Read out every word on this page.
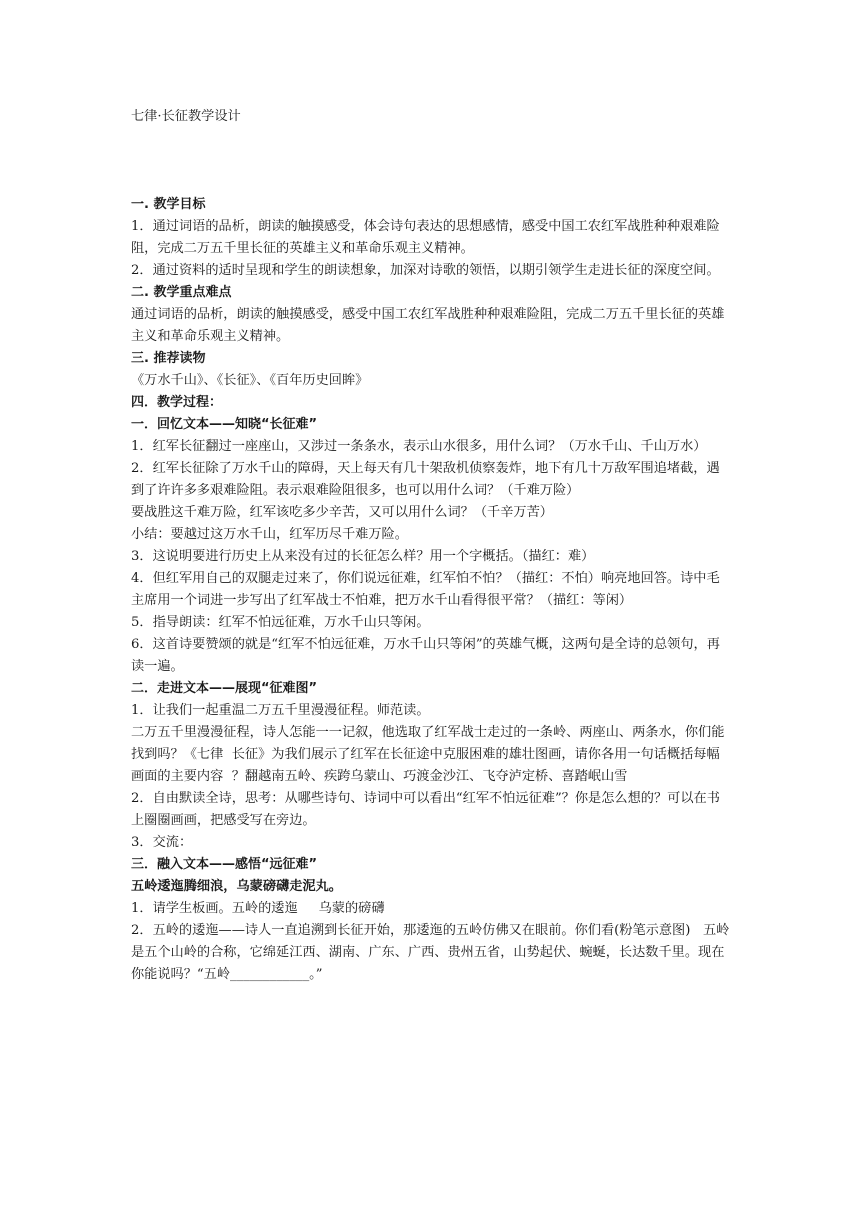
七律·长征教学设计

一. 教学目标

1．通过词语的品析，朗读的触摸感受，体会诗句表达的思想感情，感受中国工农红军战胜种种艰难险阻，完成二万五千里长征的英雄主义和革命乐观主义精神。

2．通过资料的适时呈现和学生的朗读想象，加深对诗歌的领悟，以期引领学生走进长征的深度空间。

二. 教学重点难点

通过词语的品析，朗读的触摸感受，感受中国工农红军战胜种种艰难险阻，完成二万五千里长征的英雄主义和革命乐观主义精神。

三. 推荐读物

《万水千山》、《长征》、《百年历史回眸》

四．教学过程：

一．回忆文本——知晓“长征难”

1．红军长征翻过一座座山，又涉过一条条水，表示山水很多，用什么词？（万水千山、千山万水）

2．红军长征除了万水千山的障碍，天上每天有几十架敌机侦察轰炸，地下有几十万敌军围追堵截，遇到了许许多多艰难险阻。表示艰难险阻很多，也可以用什么词？（千难万险）

要战胜这千难万险，红军该吃多少辛苦，又可以用什么词？（千辛万苦）

小结：要越过这万水千山，红军历尽千难万险。

3．这说明要进行历史上从来没有过的长征怎么样？用一个字概括。（描红：难）

4．但红军用自己的双腿走过来了，你们说远征难，红军怕不怕？（描红：不怕）响亮地回答。诗中毛主席用一个词进一步写出了红军战士不怕难，把万水千山看得很平常？（描红：等闲）

5．指导朗读：红军不怕远征难，万水千山只等闲。

6．这首诗要赞颂的就是“红军不怕远征难，万水千山只等闲”的英雄气概，这两句是全诗的总领句，再读一遍。

二．走进文本——展现“征难图”

1．让我们一起重温二万五千里漫漫征程。师范读。

二万五千里漫漫征程，诗人怎能一一记叙，他选取了红军战士走过的一条岭、两座山、两条水，你们能找到吗？《七律  长征》为我们展示了红军在长征途中克服困难的雄壮图画，请你各用一句话概括每幅画面的主要内容  ？翻越南五岭、疾跨乌蒙山、巧渡金沙江、飞夺泸定桥、喜踏岷山雪

2．自由默读全诗，思考：从哪些诗句、诗词中可以看出“红军不怕远征难”？你是怎么想的？可以在书上圈圈画画，把感受写在旁边。

3．交流：

三．融入文本——感悟“远征难”

五岭逶迤腾细浪，乌蒙磅礴走泥丸。

1．请学生板画。五岭的逶迤     乌蒙的磅礴

2．五岭的逶迤——诗人一直追溯到长征开始，那逶迤的五岭仿佛又在眼前。你们看(粉笔示意图)   五岭是五个山岭的合称，它绵延江西、湖南、广东、广西、贵州五省，山势起伏、蜿蜒，长达数千里。现在你能说吗？“五岭____________。”
